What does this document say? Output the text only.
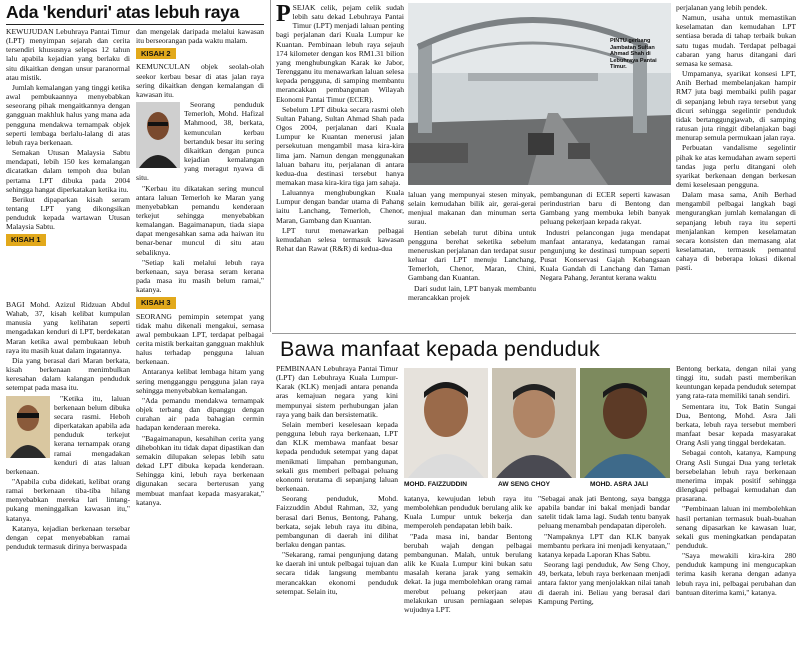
Ada 'kenduri' atas lebuh raya

KEWUJUDAN Lebuhraya Pantai Timur (LPT) menyimpan sejarah dan cerita tersendiri khususnya selepas 12 tahun lalu apabila kejadian yang berlaku di situ dikaitkan dengan unsur paranormal atau mistik.

Jumlah kemalangan yang tinggi ketika awal pembukaannya menyebabkan seseorang pihak mengaitkannya dengan gangguan makhluk halus yang mana ada pengguna mendakwa ternampak objek seperti lembaga berlalu-lalang di atas lebuh raya berkenaan.

Semakan Utusan Malaysia Sabtu mendapati, lebih 150 kes kemalangan dicatatkan dalam tempoh dua bulan pertama LPT dibuka pada 2004 sehingga hangat diperkatakan ketika itu.

Berikut dipaparkan kisah seram tentang LPT yang dikongsikan penduduk kepada wartawan Utusan Malaysia Sabtu.

KISAH 1

BAGI Mohd. Azizul Ridzuan Abdul Wahab, 37, kisah kelibat kumpulan manusia yang kelihatan seperti mengadakan kenduri di LPT, berdekatan Maran ketika awal pembukaan lebuh raya itu masih kuat dalam ingatannya.

Dia yang berasal dari Maran berkata, kisah berkenaan menimbulkan keresahan dalam kalangan penduduk setempat pada masa itu.

"Ketika itu, laluan berkenaan belum dibuka secara rasmi. Heboh diperkatakan apabila ada penduduk terkejut kerana ternampak orang ramai mengadakan kenduri di atas laluan berkenaan.

"Apabila cuba didekati, kelibat orang ramai berkenaan tiba-tiba hilang menyebabkan mereka lari lintang-pukang meninggalkan kawasan itu," katanya.

Katanya, kejadian berkenaan tersebar dengan cepat menyebabkan ramai penduduk termasuk dirinya berwaspada

dan mengelak daripada melalui kawasan itu berseorangan pada waktu malam.

KISAH 2

KEMUNCULAN objek seolah-olah seekor kerbau besar di atas jalan raya sering dikaitkan dengan kemalangan di kawasan itu.

Seorang penduduk Temerloh, Mohd. Hafizal Mahmood, 38, berkata, kemunculan kerbau bertanduk besar itu sering dikaitkan dengan punca kejadian kemalangan yang meragut nyawa di situ.

"Kerbau itu dikatakan sering muncul antara laluan Temerloh ke Maran yang menyebabkan pemandu kenderaan terkejut sehingga menyebabkan kemalangan. Bagaimanapun, tiada siapa dapat mengesahkan sama ada haiwan itu benar-benar muncul di situ atau sebaliknya.

"Setiap kali melalui lebuh raya berkenaan, saya berasa seram kerana pada masa itu masih belum ramai," katanya.

KISAH 3

SEORANG pemimpin setempat yang tidak mahu dikenali mengakui, semasa awal pembukaan LPT, terdapat pelbagai cerita mistik berkaitan gangguan makhluk halus terhadap pengguna laluan berkenaan.

Antaranya kelibat lembaga hitam yang sering mengganggu pengguna jalan raya sehingga menyebabkan kemalangan.

"Ada pemandu mendakwa ternampak objek terbang dan dipanggu dengan curahan air pada bahagian cermin hadapan kenderaan mereka.

"Bagaimanapun, kesahihan cerita yang dihebohkan itu tidak dapat dipastikan dan semakin dilupakan selepas lebih satu dekad LPT dibuka kepada kenderaan. Sehingga kini, lebuh raya berkenaan digunakan secara berterusan yang membuat manfaat kepada masyarakat," katanya.

PSEJAK celik, pejam celik sudah lebih satu dekad Lebuhraya Pantai Timur (LPT) menjadi laluan penting bagi perjalanan dari Kuala Lumpur ke Kuantan. Pembinaan lebuh raya sejauh 174 kilometer dengan kos RM1.31 bilion yang menghubungkan Karak ke Jabor, Terengganu itu menawarkan laluan selesa kepada pengguna, di samping membantu merancakkan pembangunan Wilayah Ekonomi Pantai Timur (ECER).

Sebelum LPT dibuka secara rasmi oleh Sultan Pahang, Sultan Ahmad Shah pada Ogos 2004, perjalanan dari Kuala Lumpur ke Kuantan menerusi jalan persekutuan mengambil masa kira-kira lima jam. Namun dengan menggunakan laluan baharu itu, perjalanan di antara kedua-dua destinasi tersebut hanya memakan masa kira-kira tiga jam sahaja.

Laluannya menghubungkan Kuala Lumpur dengan bandar utama di Pahang iaitu Lanchang, Temerloh, Chenor, Maran, Gambang dan Kuantan.

LPT turut menawarkan pelbagai kemudahan selesa termasuk kawasan Rehat dan Rawat (R&R) di kedua-dua

PINTU gerbang Jambatan Sultan Ahmad Shah di Lebuhraya Pantai Timur.

laluan yang mempunyai stesen minyak, selain kemudahan bilik air, gerai-gerai menjual makanan dan minuman serta surau.

Hentian sebelah turut dibina untuk pengguna berehat seketika sebelum meneruskan perjalanan dan terdapat susur keluar dari LPT menuju Lanchang, Temerloh, Chenor, Maran, Chini, Gambang dan Kuantan.

Dari sudut lain, LPT banyak membantu merancakkan projek

pembangunan di ECER seperti kawasan perindustrian baru di Bentong dan Gambang yang membuka lebih banyak peluang pekerjaan kepada rakyat.

Industri pelancongan juga mendapat manfaat antaranya, kedatangan ramai pengunjung ke destinasi tumpuan seperti Pusat Konservasi Gajah Kebangsaan Kuala Gandah di Lanchang dan Taman Negara Pahang, Jerantut kerana waktu

perjalanan yang lebih pendek.

Namun, usaha untuk memastikan keselamatan dan kemudahan LPT sentiasa berada di tahap terbaik bukan satu tugas mudah. Terdapat pelbagai cabaran yang harus ditangani dari semasa ke semasa.

Umpamanya, syarikat konsesi LPT, Anih Berhad membelanjakan hampir RM7 juta bagi membaiki pulih pagar di sepanjang lebuh raya tersebut yang dicuri sehingga segelintir penduduk tidak bertanggungjawab, di samping ratusan juta ringgit dibelanjakan bagi menurap semula permukaan jalan raya.

Perbuatan vandalisme segelintir pihak ke atas kemudahan awam seperti tandas juga perlu ditangani oleh syarikat berkenaan dengan berkesan demi keselesaan pengguna.

Dalam masa sama, Anih Berhad mengambil pelbagai langkah bagi mengurangkan jumlah kemalangan di sepanjang lebuh raya itu seperti menjalankan kempen keselamatan secara konsisten dan memasang alat keselamatan, termasuk pemantul cahaya di beberapa lokasi dikenal pasti.

Bawa manfaat kepada penduduk

PEMBINAAN Lebuhraya Pantai Timur (LPT) dan Lebuhraya Kuala Lumpur-Karak (KLK) menjadi antara penanda aras kemajuan negara yang kini mempunyai sistem perhubungan jalan raya yang baik dan bersistematik.

Selain memberi keselesaan kepada pengguna lebuh raya berkenaan, LPT dan KLK membawa manfaat besar kepada penduduk setempat yang dapat menikmati limpahan pembangunan, sekali gus memberi pelbagai peluang ekonomi terutama di sepanjang laluan berkenaan.

Seorang penduduk, Mohd. Faizzuddin Abdul Rahman, 32, yang berasal dari Benus, Bentong, Pahang, berkata, sejak lebuh raya itu dibina, pembangunan di daerah ini dilihat berlaku dengan pantas.

"Sekarang, ramai pengunjung datang ke daerah ini untuk pelbagai tujuan dan secara tidak langsung membantu merancakkan ekonomi penduduk setempat. Selain itu,

MOHD. FAIZZUDDIN	AW SENG CHOY	MOHD. ASRA JALI

katanya, kewujudan lebuh raya itu membolehkan penduduk berulang alik ke Kuala Lumpur untuk bekerja dan memperoleh pendapatan lebih baik.

"Pada masa ini, bandar Bentong berubah wajah dengan pelbagai pembangunan. Malah, untuk berulang alik ke Kuala Lumpur kini bukan satu masalah kerana jarak yang semakin dekat. Ia juga membolehkan orang ramai merebut peluang pekerjaan atau melakukan urusan perniagaan selepas wujudnya LPT.

"Sebagai anak jati Bentong, saya bangga apabila bandar ini bakal menjadi bandar satelit tidak lama lagi. Sudah tentu banyak peluang menambah pendapatan diperoleh.

"Nampaknya LPT dan KLK banyak membantu perkara ini menjadi kenyataan," katanya kepada Laporan Khas Sabtu.

Seorang lagi penduduk, Aw Seng Choy, 49, berkata, lebuh raya berkenaan menjadi antara faktor yang menjolakkan nilai tanah di daerah ini. Beliau yang berasal dari Kampung Perting,

Bentong berkata, dengan nilai yang tinggi itu, sudah pasti memberikan keuntungan kepada penduduk setempat yang rata-rata memiliki tanah sendiri.

Sementara itu, Tok Batin Sungai Dua, Bentong, Mohd. Asra Jali berkata, lebuh raya tersebut memberi manfaat besar kepada masyarakat Orang Asli yang tinggal berdekatan.

Sebagai contoh, katanya, Kampung Orang Asli Sungai Dua yang terletak bersebelahan lebuh raya berkenaan menerima impak positif sehingga dilengkapi pelbagai kemudahan dan prasarana.

"Pembinaan laluan ini membolehkan hasil pertanian termasuk buah-buahan senang dipasarkan ke kawasan luar, sekali gus meningkatkan pendapatan penduduk.

"Saya mewakili kira-kira 280 penduduk kampung ini mengucapkan terima kasih kerana dengan adanya lebuh raya ini, pelbagai perubahan dan bantuan diterima kami," katanya.
